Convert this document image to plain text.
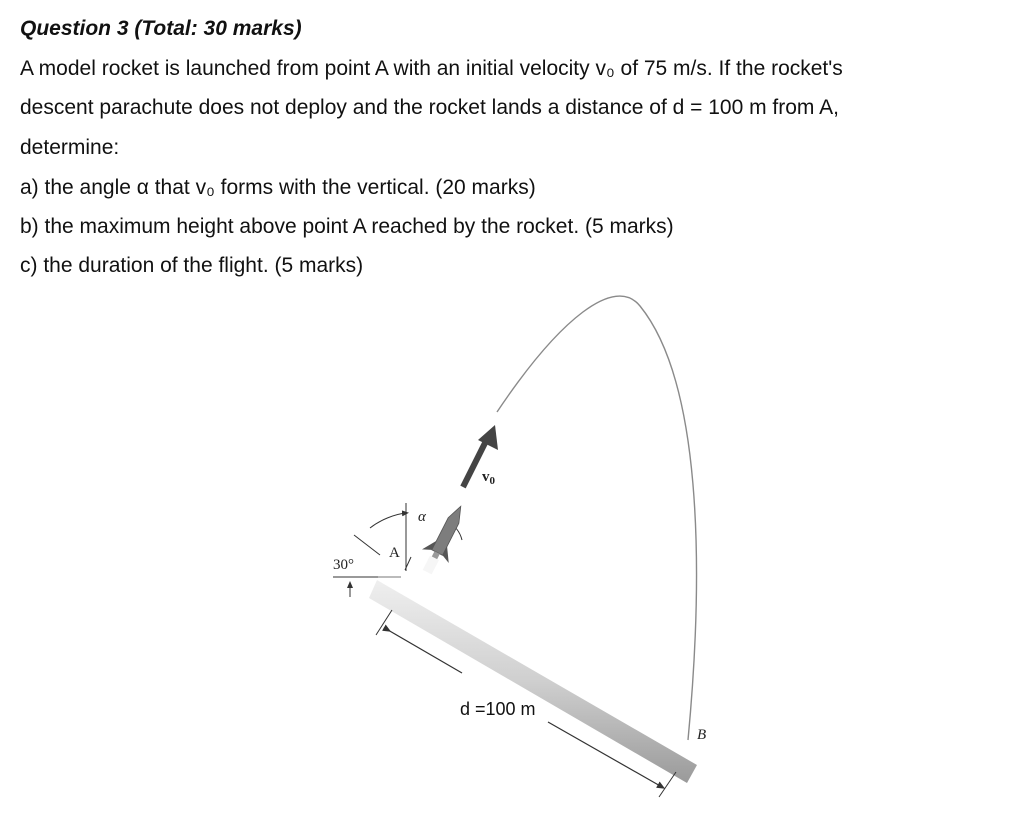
Question 3 (Total: 30 marks)
A model rocket is launched from point A with an initial velocity v₀ of 75 m/s. If the rocket's
descent parachute does not deploy and the rocket lands a distance of d = 100 m from A,
determine:
a) the angle α that v₀ forms with the vertical. (20 marks)
b) the maximum height above point A reached by the rocket. (5 marks)
c) the duration of the flight. (5 marks)
d =100 m
30°
α
A
$v_0$
B
